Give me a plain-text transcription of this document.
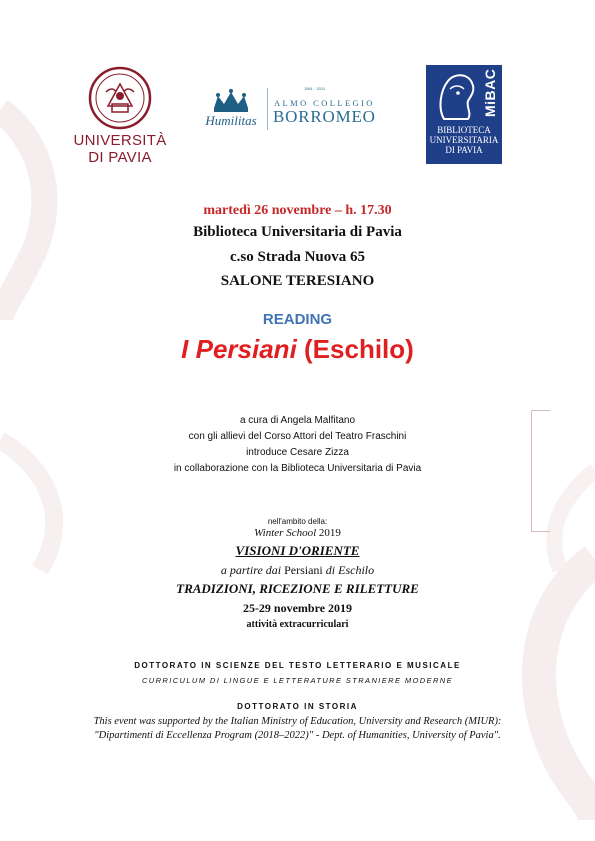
UNIVERSITÀ
DI PAVIA
Humilitas
1561 · 2011
ALMO COLLEGIO
BORROMEO	MiBAC
BIBLIOTECA
UNIVERSITARIA
DI PAVIA
martedì 26 novembre – h. 17.30
Biblioteca Universitaria di Pavia
c.so Strada Nuova 65
SALONE TERESIANO
READING
I Persiani (Eschilo)
a cura di Angela Malfitano
con gli allievi del Corso Attori del Teatro Fraschini
introduce Cesare Zizza
in collaborazione con la Biblioteca Universitaria di Pavia
nell'ambito della:
Winter School 2019
VISIONI D'ORIENTE
a partire dai Persiani di Eschilo
TRADIZIONI, RICEZIONE E RILETTURE
25-29 novembre 2019
attività extracurriculari
DOTTORATO IN SCIENZE DEL TESTO LETTERARIO E MUSICALE
CURRICULUM DI LINGUE E LETTERATURE STRANIERE MODERNE
DOTTORATO IN STORIA
This event was supported by the Italian Ministry of Education, University and Research (MIUR):
"Dipartimenti di Eccellenza Program (2018–2022)" - Dept. of Humanities, University of Pavia".
